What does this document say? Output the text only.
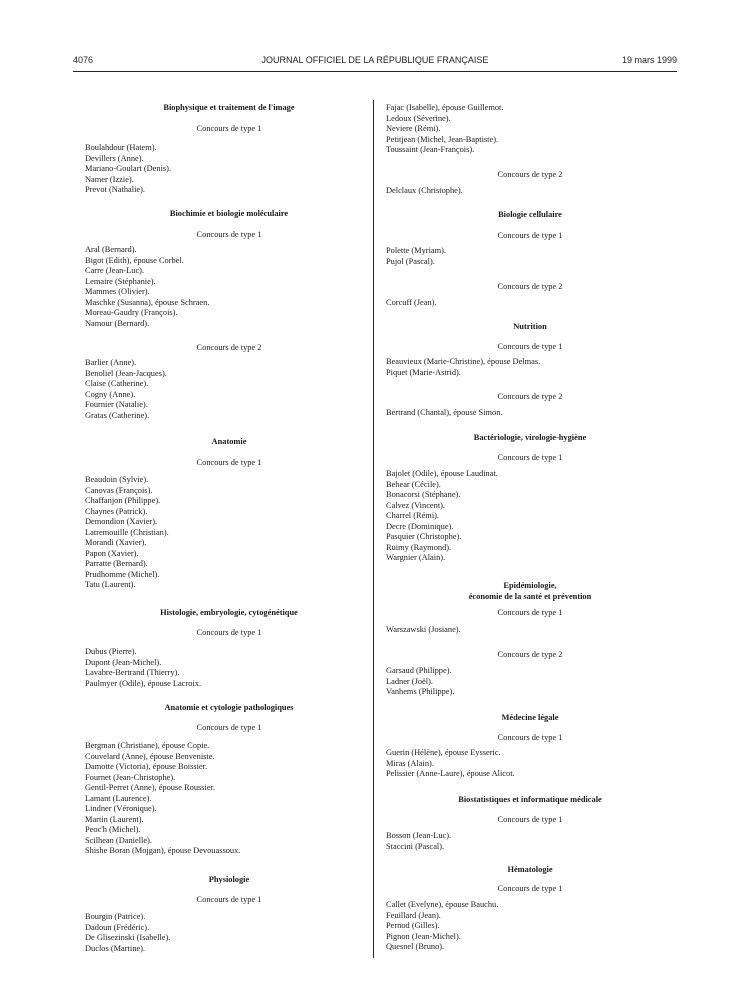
4076	JOURNAL OFFICIEL DE LA RÉPUBLIQUE FRANÇAISE	19 mars 1999
Biophysique et traitement de l'image
Concours de type 1
Boulahdour (Hatem).
Devillers (Anne).
Mariano-Goulart (Denis).
Namer (Izzie).
Prevot (Nathalie).
Biochimie et biologie moléculaire
Concours de type 1
Aral (Bernard).
Bigot (Edith), épouse Corbel.
Carre (Jean-Luc).
Lemaire (Stéphanie).
Mammes (Olivier).
Maschke (Susanna), épouse Schraen.
Moreau-Gaudry (François).
Namour (Bernard).
Concours de type 2
Barlier (Anne).
Benoliel (Jean-Jacques).
Claise (Catherine).
Cogny (Anne).
Fournier (Natalie).
Gratas (Catherine).
Anatomie
Concours de type 1
Beaudoin (Sylvie).
Canovas (François).
Chaffanjon (Philippe).
Chaynes (Patrick).
Demondion (Xavier).
Latremouille (Christian).
Morandi (Xavier).
Papon (Xavier).
Parratte (Bernard).
Prudhomme (Michel).
Tatu (Laurent).
Histologie, embryologie, cytogénétique
Concours de type 1
Dubus (Pierre).
Dupont (Jean-Michel).
Lavabre-Bertrand (Thierry).
Paulmyer (Odile), épouse Lacroix.
Anatomie et cytologie pathologiques
Concours de type 1
Bergman (Christiane), épouse Copie.
Couvelard (Anne), épouse Benveniste.
Damotte (Victoria), épouse Boissier.
Fournet (Jean-Christophe).
Gentil-Perret (Anne), épouse Roussier.
Lamant (Laurence).
Lindner (Véronique).
Martin (Laurent).
Peoc'h (Michel).
Scilhean (Danielle).
Shishe Boran (Mojgan), épouse Devouassoux.
Physiologie
Concours de type 1
Bourgin (Patrice).
Dadoun (Frédéric).
De Glisezinski (Isabelle).
Duclos (Martine).
Fajac (Isabelle), épouse Guillemot.
Ledoux (Séverine).
Neviere (Rémi).
Petitjean (Michel, Jean-Baptiste).
Toussaint (Jean-François).
Concours de type 2
Delclaux (Christophe).
Biologie cellulaire
Concours de type 1
Polette (Myriam).
Pujol (Pascal).
Concours de type 2
Corcuff (Jean).
Nutrition
Concours de type 1
Beauvieux (Marie-Christine), épouse Delmas.
Piquet (Marie-Astrid).
Concours de type 2
Bertrand (Chantal), épouse Simon.
Bactériologie, virologie-hygiène
Concours de type 1
Bajolet (Odile), épouse Laudinat.
Behear (Cécile).
Bonacorsi (Stéphane).
Calvez (Vincent).
Charrel (Rémi).
Decre (Dominique).
Pasquier (Christophe).
Ruimy (Raymond).
Wargnier (Alain).
Epidémiologie,
économie de la santé et prévention
Concours de type 1
Warszawski (Josiane).
Concours de type 2
Garsaud (Philippe).
Ladner (Joël).
Vanhems (Philippe).
Médecine légale
Concours de type 1
Guerin (Hélène), épouse Eysseric.
Miras (Alain).
Pelissier (Anne-Laure), épouse Alicot.
Biostatistiques et informatique médicale
Concours de type 1
Bosson (Jean-Luc).
Staccini (Pascal).
Hématologie
Concours de type 1
Callet (Evelyne), épouse Bauchu.
Feuillard (Jean).
Pernod (Gilles).
Pignon (Jean-Michel).
Quesnel (Bruno).
